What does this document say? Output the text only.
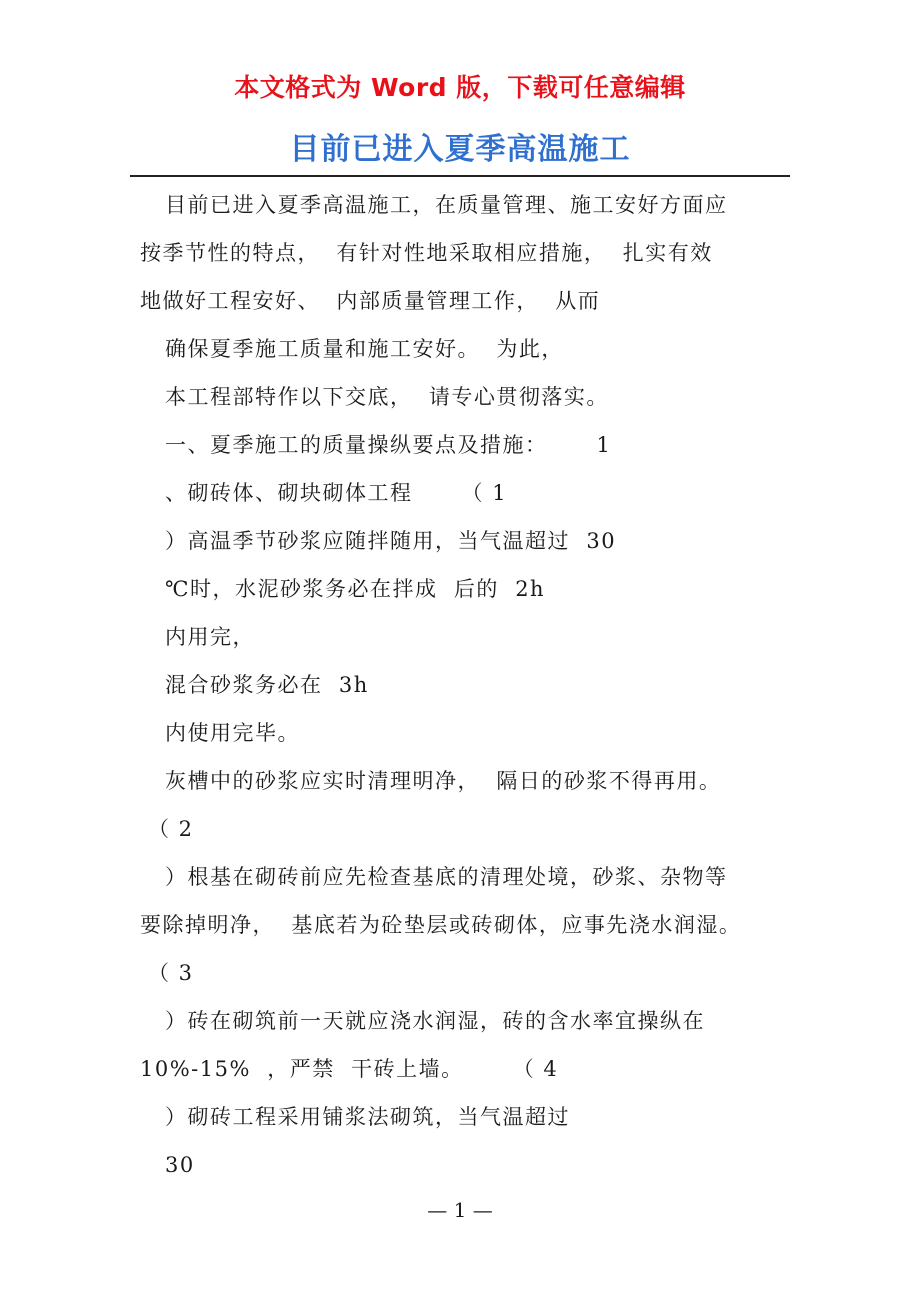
本文格式为 Word 版，下载可任意编辑
目前已进入夏季高温施工
目前已进入夏季高温施工，在质量管理、施工安好方面应
按季节性的特点，  有针对性地采取相应措施，  扎实有效
地做好工程安好、  内部质量管理工作，  从而
确保夏季施工质量和施工安好。  为此，
本工程部特作以下交底，  请专心贯彻落实。
一、夏季施工的质量操纵要点及措施：      1
、砌砖体、砌块砌体工程      （ 1
）高温季节砂浆应随拌随用，当气温超过  30
℃时，水泥砂浆务必在拌成  后的  2h
内用完，
混合砂浆务必在  3h
内使用完毕。
灰槽中的砂浆应实时清理明净，  隔日的砂浆不得再用。
（ 2
）根基在砌砖前应先检查基底的清理处境，砂浆、杂物等
要除掉明净，  基底若为砼垫层或砖砌体，应事先浇水润湿。
（ 3
）砖在砌筑前一天就应浇水润湿，砖的含水率宜操纵在
10%-15%  ，严禁  干砖上墙。      （ 4
）砌砖工程采用铺浆法砌筑，当气温超过
30
— 1 —
